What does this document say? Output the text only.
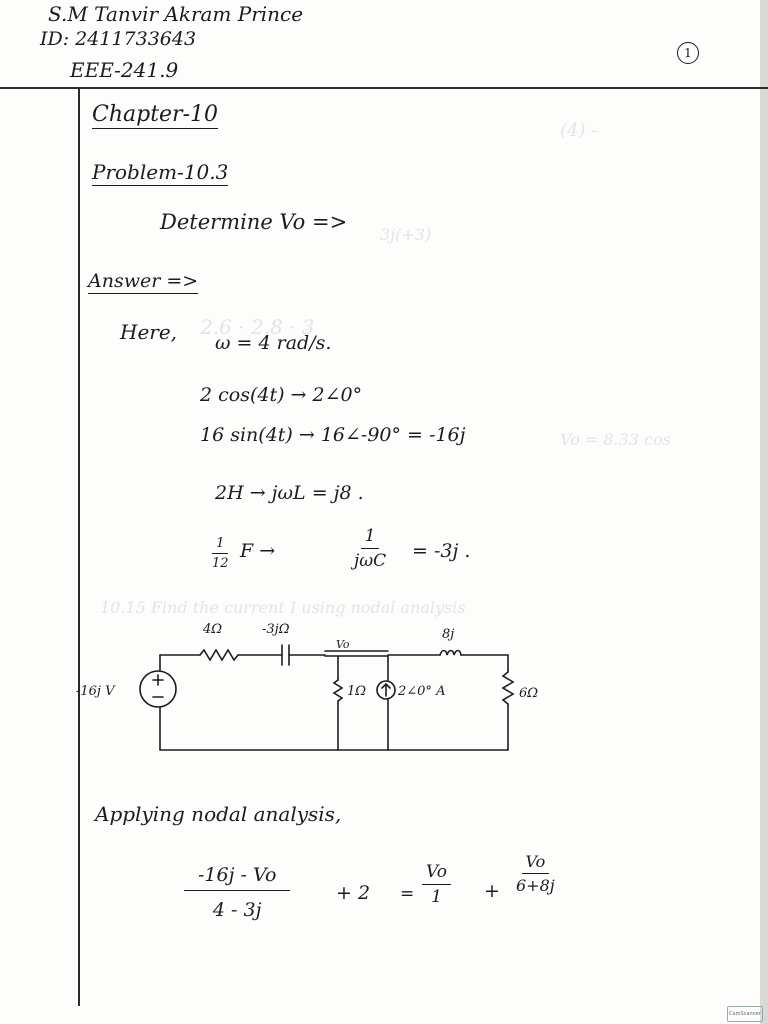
(4) -
3j(+3)
2.6 · 2.8 · 3
Vo = 8.33 cos
10.15 Find the current I using nodal analysis
S.M Tanvir Akram Prince
ID: 2411733643
EEE-241.9
1
Chapter-10
Problem-10.3
Determine Vo =>
Answer =>
Here, ω = 4 rad/s.
2 cos(4t) → 2∠0°
16 sin(4t) → 16∠-90° = -16j
2H → jωL = j8 .
$\frac{1}{12}$ F →
1
jωC = -3j .
4Ω	-3jΩ
Vo
8j
-16j V	1Ω 2∠0° A	6Ω
Applying nodal analysis,
$\frac{-16j - Vo}{4 - 3j} + 2 = \frac{Vo}{1} + \frac{Vo}{6+8j}$
CamScanner
